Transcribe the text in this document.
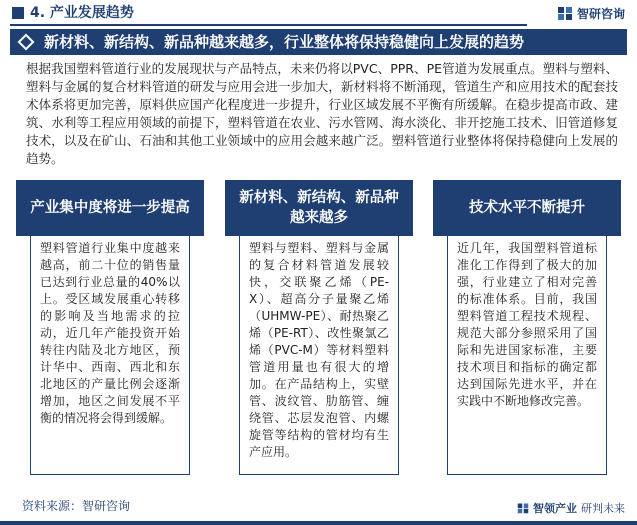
4. 产业发展趋势	智研咨询
新材料、新结构、新品种越来越多，行业整体将保持稳健向上发展的趋势

根据我国塑料管道行业的发展现状与产品特点，未来仍将以PVC、PPR、PE管道为发展重点。塑料与塑料、塑料与金属的复合材料管道的研发与应用会进一步加大，新材料将不断涌现，管道生产和应用技术的配套技术体系将更加完善，原料供应国产化程度进一步提升，行业区域发展不平衡有所缓解。在稳步提高市政、建筑、水利等工程应用领域的前提下，塑料管道在农业、污水管网、海水淡化、非开挖施工技术、旧管道修复技术，以及在矿山、石油和其他工业领域中的应用会越来越广泛。塑料管道行业整体将保持稳健向上发展的趋势。

产业集中度将进一步提高

塑料管道行业集中度越来越高，前二十位的销售量已达到行业总量的40%以上。受区域发展重心转移的影响及当地需求的拉动，近几年产能投资开始转往内陆及北方地区，预计华中、西南、西北和东北地区的产量比例会逐渐增加，地区之间发展不平衡的情况将会得到缓解。

新材料、新结构、新品种越来越多

塑料与塑料、塑料与金属的复合材料管道发展较快，交联聚乙烯（PE-X）、超高分子量聚乙烯（UHMW-PE）、耐热聚乙烯（PE-RT）、改性聚氯乙烯（PVC-M）等材料塑料管道用量也有很大的增加。在产品结构上，实壁管、波纹管、肋筋管、缠绕管、芯层发泡管、内螺旋管等结构的管材均有生产应用。

技术水平不断提升

近几年，我国塑料管道标准化工作得到了极大的加强，行业建立了相对完善的标准体系。目前，我国塑料管道工程技术规程、规范大部分参照采用了国际和先进国家标准，主要技术项目和指标的确定都达到国际先进水平，并在实践中不断地修改完善。

资料来源：智研咨询	智领产业 研判未来
